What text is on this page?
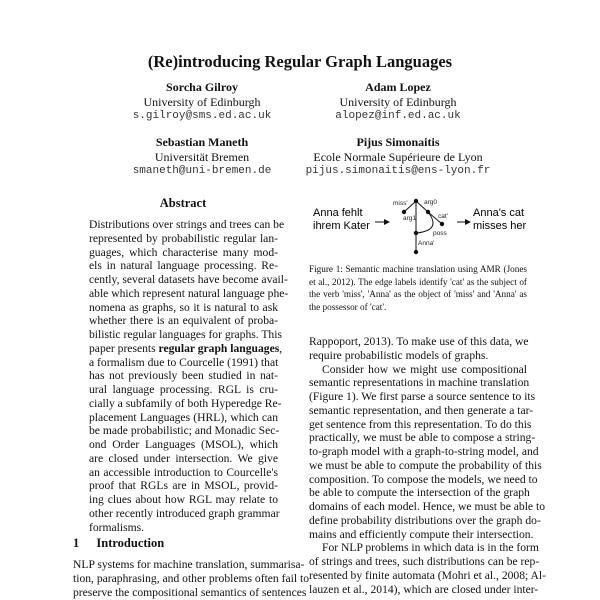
(Re)introducing Regular Graph Languages
Sorcha Gilroy
University of Edinburgh
s.gilroy@sms.ed.ac.uk
Adam Lopez
University of Edinburgh
alopez@inf.ed.ac.uk
Sebastian Maneth
Universität Bremen
smaneth@uni-bremen.de
Pijus Simonaitis
Ecole Normale Supérieure de Lyon
pijus.simonaitis@ens-lyon.fr
Abstract
Distributions over strings and trees can be
represented by probabilistic regular lan-
guages, which characterise many mod-
els in natural language processing. Re-
cently, several datasets have become avail-
able which represent natural language phe-
nomena as graphs, so it is natural to ask
whether there is an equivalent of proba-
bilistic regular languages for graphs. This
paper presents regular graph languages,
a formalism due to Courcelle (1991) that
has not previously been studied in nat-
ural language processing. RGL is cru-
cially a subfamily of both Hyperedge Re-
placement Languages (HRL), which can
be made probabilistic; and Monadic Sec-
ond Order Languages (MSOL), which
are closed under intersection. We give
an accessible introduction to Courcelle's
proof that RGLs are in MSOL, provid-
ing clues about how RGL may relate to
other recently introduced graph grammar
formalisms.
1 Introduction
NLP systems for machine translation, summarisa-
tion, paraphrasing, and other problems often fail to
preserve the compositional semantics of sentences
Anna fehlt
ihrem Kater
Anna's cat
misses her
miss'	arg0
arg1	cat'
poss
Anna'
Figure 1: Semantic machine translation using AMR (Jones
et al., 2012). The edge labels identify 'cat' as the subject of
the verb 'miss', 'Anna' as the object of 'miss' and 'Anna' as
the possessor of 'cat'.
Rappoport, 2013). To make use of this data, we
require probabilistic models of graphs.
Consider how we might use compositional
semantic representations in machine translation
(Figure 1). We first parse a source sentence to its
semantic representation, and then generate a tar-
get sentence from this representation. To do this
practically, we must be able to compose a string-
to-graph model with a graph-to-string model, and
we must be able to compute the probability of this
composition. To compose the models, we need to
be able to compute the intersection of the graph
domains of each model. Hence, we must be able to
define probability distributions over the graph do-
mains and efficiently compute their intersection.
For NLP problems in which data is in the form
of strings and trees, such distributions can be rep-
resented by finite automata (Mohri et al., 2008; Al-
lauzen et al., 2014), which are closed under inter-
